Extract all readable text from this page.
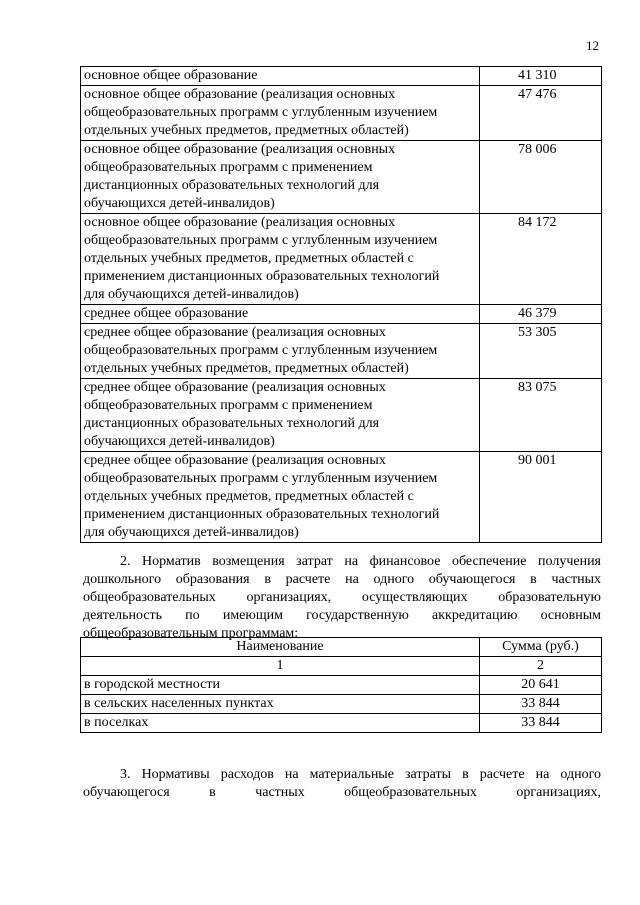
12
основное общее образование	41 310

основное общее образование (реализация основных
общеобразовательных программ с углубленным изучением
отдельных учебных предметов, предметных областей)	47 476

основное общее образование (реализация основных
общеобразовательных программ с применением
дистанционных образовательных технологий для
обучающихся детей-инвалидов)	78 006

основное общее образование (реализация основных
общеобразовательных программ с углубленным изучением
отдельных учебных предметов, предметных областей с
применением дистанционных образовательных технологий
для обучающихся детей-инвалидов)	84 172

среднее общее образование	46 379

среднее общее образование (реализация основных
общеобразовательных программ с углубленным изучением
отдельных учебных предметов, предметных областей)	53 305

среднее общее образование (реализация основных
общеобразовательных программ с применением
дистанционных образовательных технологий для
обучающихся детей-инвалидов)	83 075

среднее общее образование (реализация основных
общеобразовательных программ с углубленным изучением
отдельных учебных предметов, предметных областей с
применением дистанционных образовательных технологий
для обучающихся детей-инвалидов)	90 001
2. Норматив возмещения затрат на финансовое обеспечение получения
дошкольного образования в расчете на одного обучающегося в частных
общеобразовательных организациях, осуществляющих образовательную
деятельность по имеющим государственную аккредитацию основным
общеобразовательным программам:
Наименование	Сумма (руб.)
1	2
в городской местности	20 641
в сельских населенных пунктах	33 844
в поселках	33 844
3. Нормативы расходов на материальные затраты в расчете на одного
обучающегося в частных общеобразовательных организациях,
